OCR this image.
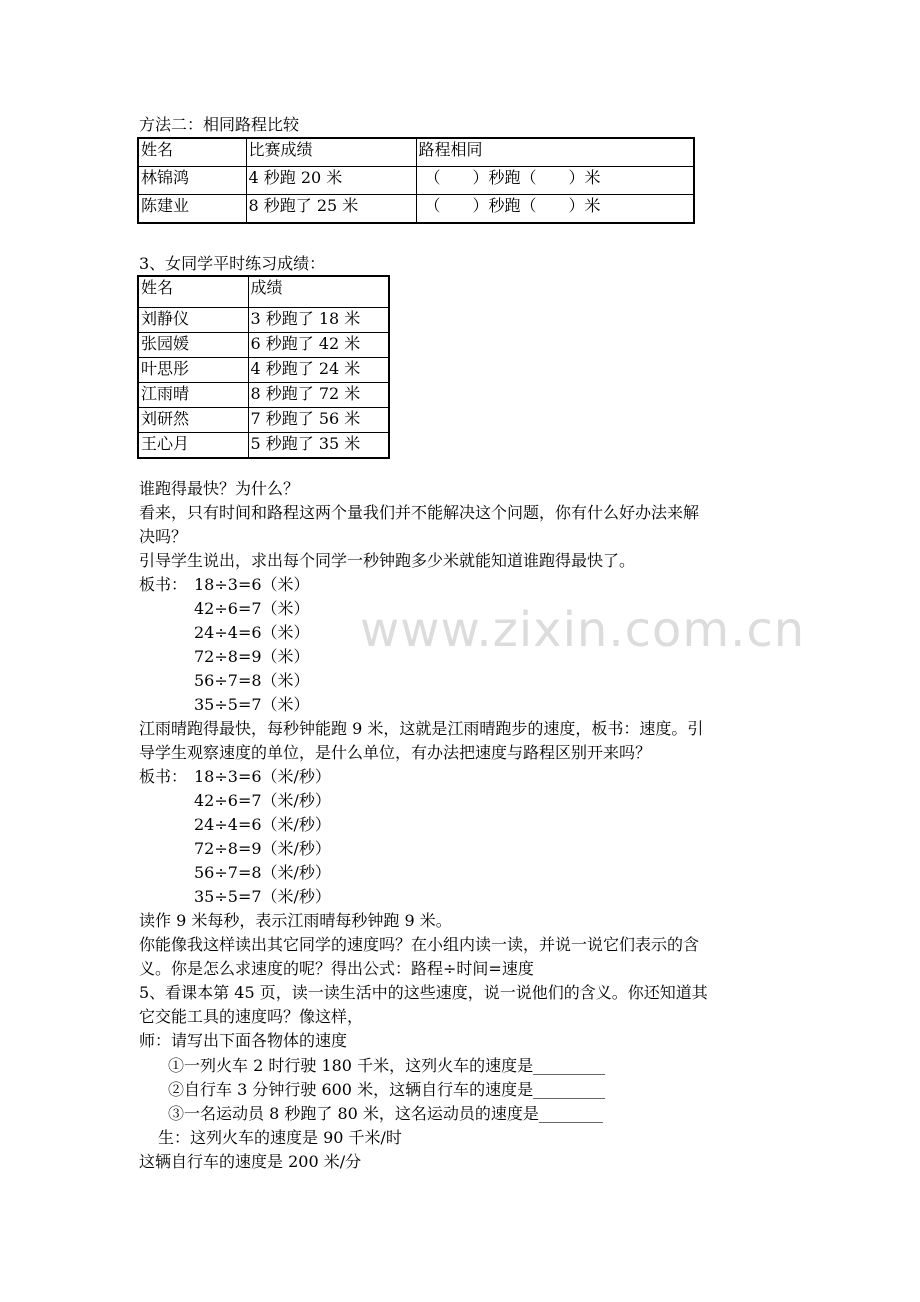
www.zixin.com.cn
方法二：相同路程比较
姓名	比赛成绩	路程相同
林锦鸿	4 秒跑 20 米	（　　）秒跑（　　）米
陈建业	8 秒跑了 25 米	（　　）秒跑（　　）米
3、女同学平时练习成绩：
姓名	成绩
刘静仪	3 秒跑了 18 米
张园媛	6 秒跑了 42 米
叶思彤	4 秒跑了 24 米
江雨晴	8 秒跑了 72 米
刘研然	7 秒跑了 56 米
王心月	5 秒跑了 35 米
谁跑得最快？为什么？
看来，只有时间和路程这两个量我们并不能解决这个问题，你有什么好办法来解
决吗？
引导学生说出，求出每个同学一秒钟跑多少米就能知道谁跑得最快了。
板书： 18÷3=6（米）
42÷6=7（米）
24÷4=6（米）
72÷8=9（米）
56÷7=8（米）
35÷5=7（米）
江雨晴跑得最快，每秒钟能跑 9 米，这就是江雨晴跑步的速度，板书：速度。引
导学生观察速度的单位，是什么单位，有办法把速度与路程区别开来吗？
板书： 18÷3=6（米/秒）
42÷6=7（米/秒）
24÷4=6（米/秒）
72÷8=9（米/秒）
56÷7=8（米/秒）
35÷5=7（米/秒）
读作 9 米每秒，表示江雨晴每秒钟跑 9 米。
你能像我这样读出其它同学的速度吗？在小组内读一读，并说一说它们表示的含
义。你是怎么求速度的呢？得出公式：路程÷时间=速度
5、看课本第 45 页，读一读生活中的这些速度，说一说他们的含义。你还知道其
它交能工具的速度吗？像这样，
师：请写出下面各物体的速度
①一列火车 2 时行驶 180 千米，这列火车的速度是_________
②自行车 3 分钟行驶 600 米，这辆自行车的速度是_________
③一名运动员 8 秒跑了 80 米，这名运动员的速度是________
生：这列火车的速度是 90 千米/时
这辆自行车的速度是 200 米/分
